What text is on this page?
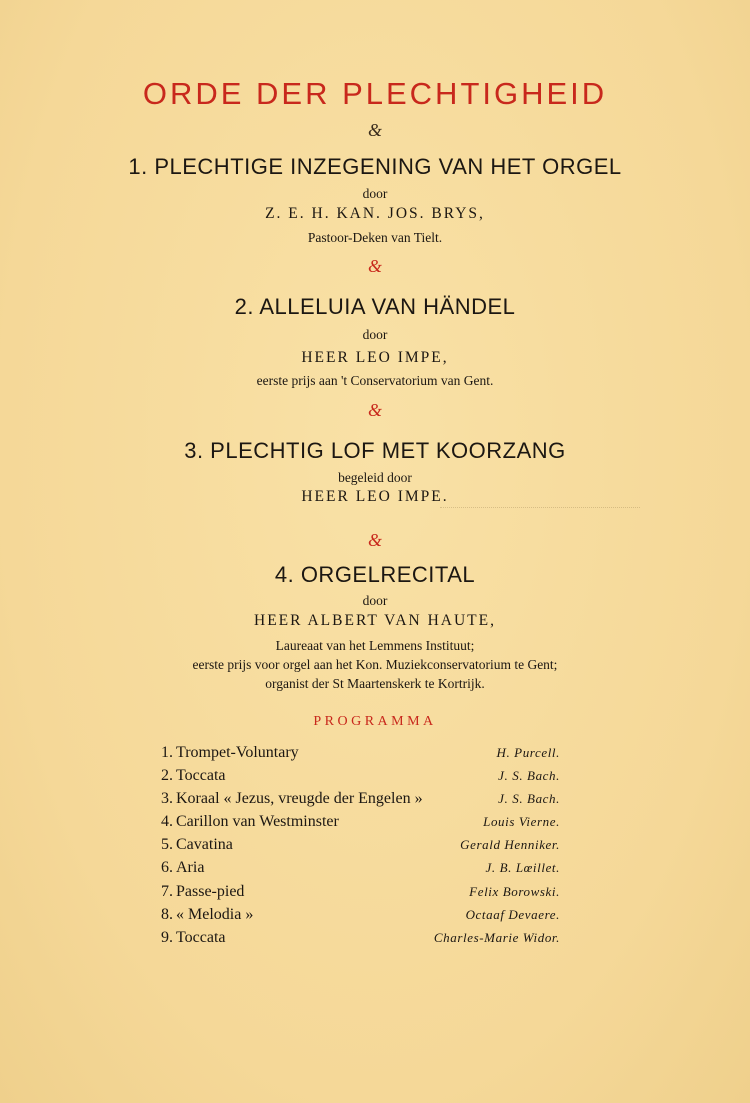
ORDE DER PLECHTIGHEID
&
1. PLECHTIGE INZEGENING VAN HET ORGEL
door
Z. E. H. KAN. JOS. BRYS,
Pastoor-Deken van Tielt.
&
2. ALLELUIA VAN HÄNDEL
door
HEER LEO IMPE,
eerste prijs aan 't Conservatorium van Gent.
&
3. PLECHTIG LOF MET KOORZANG
begeleid door
HEER LEO IMPE.
&
4. ORGELRECITAL
door
HEER ALBERT VAN HAUTE,
Laureaat van het Lemmens Instituut;
eerste prijs voor orgel aan het Kon. Muziekconservatorium te Gent;
organist der St Maartenskerk te Kortrijk.
PROGRAMMA
1. Trompet-Voluntary	H. Purcell.
2. Toccata	J. S. Bach.
3. Koraal « Jezus, vreugde der Engelen »	J. S. Bach.
4. Carillon van Westminster	Louis Vierne.
5. Cavatina	Gerald Henniker.
6. Aria	J. B. Lœillet.
7. Passe-pied	Felix Borowski.
8. « Melodia »	Octaaf Devaere.
9. Toccata	Charles-Marie Widor.
